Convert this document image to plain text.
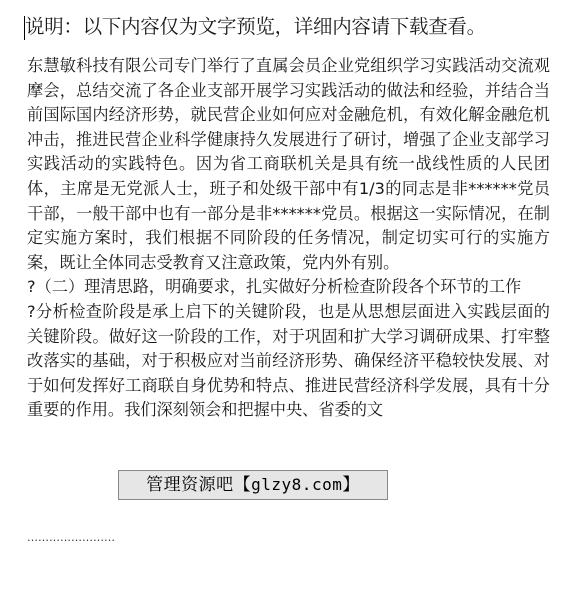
说明：以下内容仅为文字预览，详细内容请下载查看。

东慧敏科技有限公司专门举行了直属会员企业党组织学习实践活动交流观摩会，总结交流了各企业支部开展学习实践活动的做法和经验，并结合当前国际国内经济形势，就民营企业如何应对金融危机，有效化解金融危机冲击，推进民营企业科学健康持久发展进行了研讨，增强了企业支部学习实践活动的实践特色。因为省工商联机关是具有统一战线性质的人民团体，主席是无党派人士，班子和处级干部中有1/3的同志是非******党员干部，一般干部中也有一部分是非******党员。根据这一实际情况，在制定实施方案时，我们根据不同阶段的任务情况，制定切实可行的实施方案，既让全体同志受教育又注意政策，党内外有别。

?（二）理清思路，明确要求，扎实做好分析检查阶段各个环节的工作

?分析检查阶段是承上启下的关键阶段，也是从思想层面进入实践层面的关键阶段。做好这一阶段的工作，对于巩固和扩大学习调研成果、打牢整改落实的基础，对于积极应对当前经济形势、确保经济平稳较快发展、对于如何发挥好工商联自身优势和特点、推进民营经济科学发展，具有十分重要的作用。我们深刻领会和把握中央、省委的文

……………………
管理资源吧【glzy8.com】
